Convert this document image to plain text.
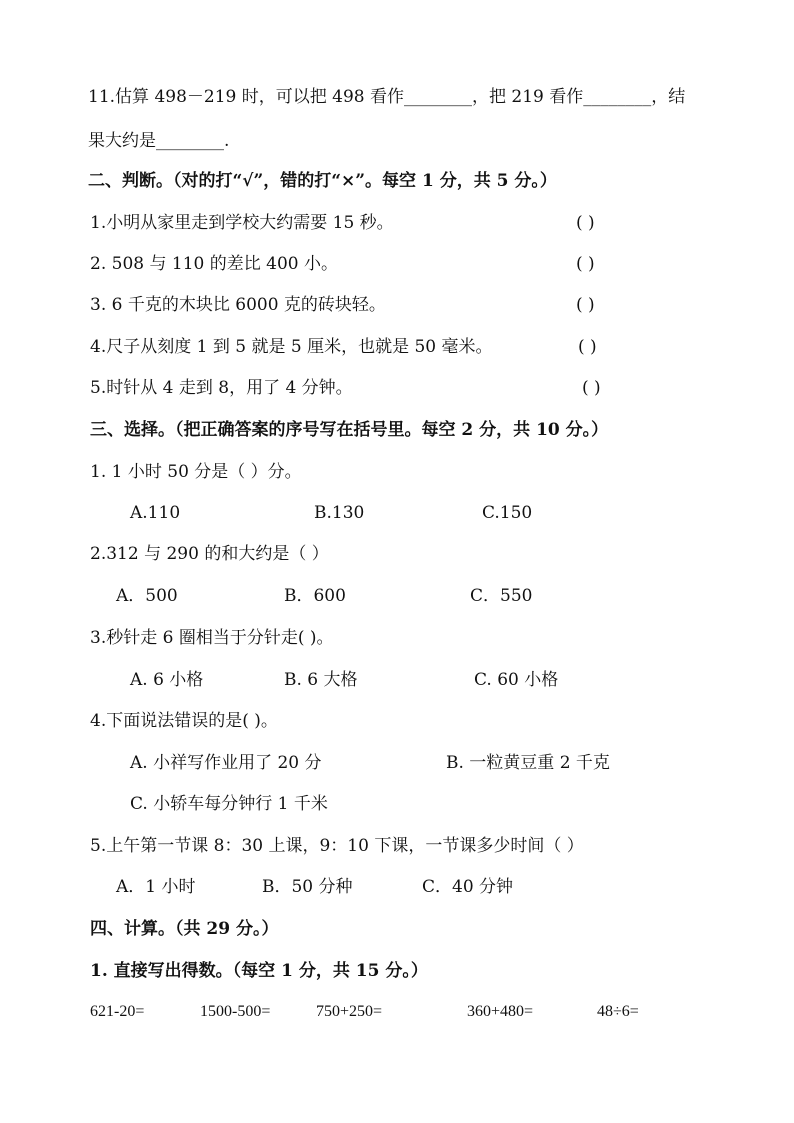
11.估算 498－219 时，可以把 498 看作________，把 219 看作________，结
果大约是________.
二、判断。（对的打“√”，错的打“×”。每空 1 分，共 5 分。）
1.小明从家里走到学校大约需要 15 秒。	( )
2. 508 与 110 的差比 400 小。	( )
3. 6 千克的木块比 6000 克的砖块轻。	( )
4.尺子从刻度 1 到 5 就是 5 厘米，也就是 50 毫米。	( )
5.时针从 4 走到 8，用了 4 分钟。	( )
三、选择。（把正确答案的序号写在括号里。每空 2 分，共 10 分。）
1. 1 小时 50 分是（ ）分。
A.110	B.130	C.150
2.312 与 290 的和大约是（ ）
A．500	B．600	C．550
3.秒针走 6 圈相当于分针走( )。
A. 6 小格	B. 6 大格	C. 60 小格
4.下面说法错误的是( )。
A. 小祥写作业用了 20 分	B. 一粒黄豆重 2 千克
C. 小轿车每分钟行 1 千米
5.上午第一节课 8：30 上课，9：10 下课，一节课多少时间（ ）
A．1 小时	B．50 分种	C．40 分钟
四、计算。（共 29 分。）
1. 直接写出得数。（每空 1 分，共 15 分。）
621-20=	1500-500=	750+250=	360+480=	48÷6=
